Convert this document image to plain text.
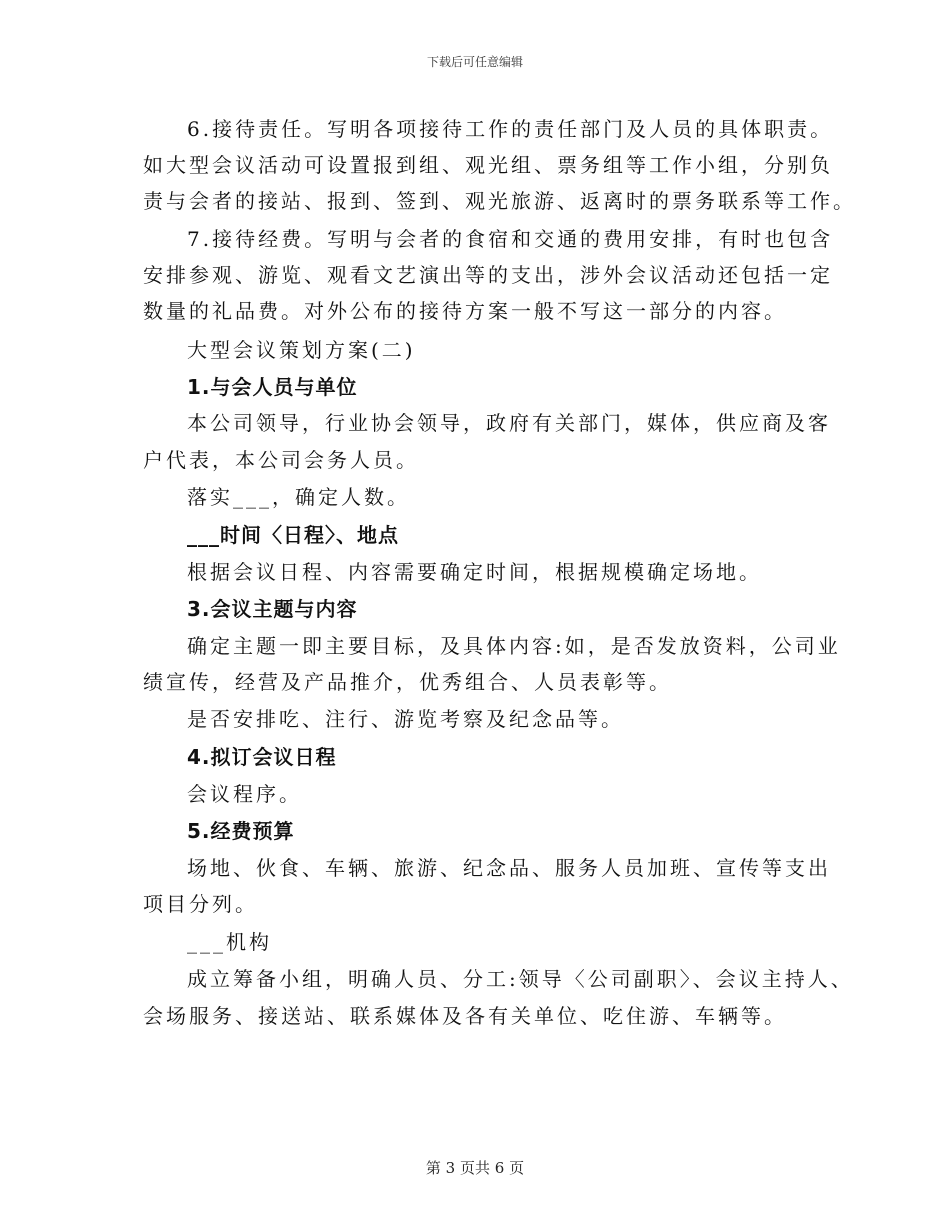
下载后可任意编辑
6.接待责任。写明各项接待工作的责任部门及人员的具体职责。
如大型会议活动可设置报到组、观光组、票务组等工作小组，分别负
责与会者的接站、报到、签到、观光旅游、返离时的票务联系等工作。
7.接待经费。写明与会者的食宿和交通的费用安排，有时也包含
安排参观、游览、观看文艺演出等的支出，涉外会议活动还包括一定
数量的礼品费。对外公布的接待方案一般不写这一部分的内容。
大型会议策划方案(二)
1.与会人员与单位
本公司领导，行业协会领导，政府有关部门，媒体，供应商及客
户代表，本公司会务人员。
落实___，确定人数。
___时间〈日程〉、地点
根据会议日程、内容需要确定时间，根据规模确定场地。
3.会议主题与内容
确定主题一即主要目标，及具体内容:如，是否发放资料，公司业
绩宣传，经营及产品推介，优秀组合、人员表彰等。
是否安排吃、注行、游览考察及纪念品等。
4.拟订会议日程
会议程序。
5.经费预算
场地、伙食、车辆、旅游、纪念品、服务人员加班、宣传等支出
项目分列。
___机构
成立筹备小组，明确人员、分工:领导〈公司副职〉、会议主持人、
会场服务、接送站、联系媒体及各有关单位、吃住游、车辆等。
第 3 页共 6 页
